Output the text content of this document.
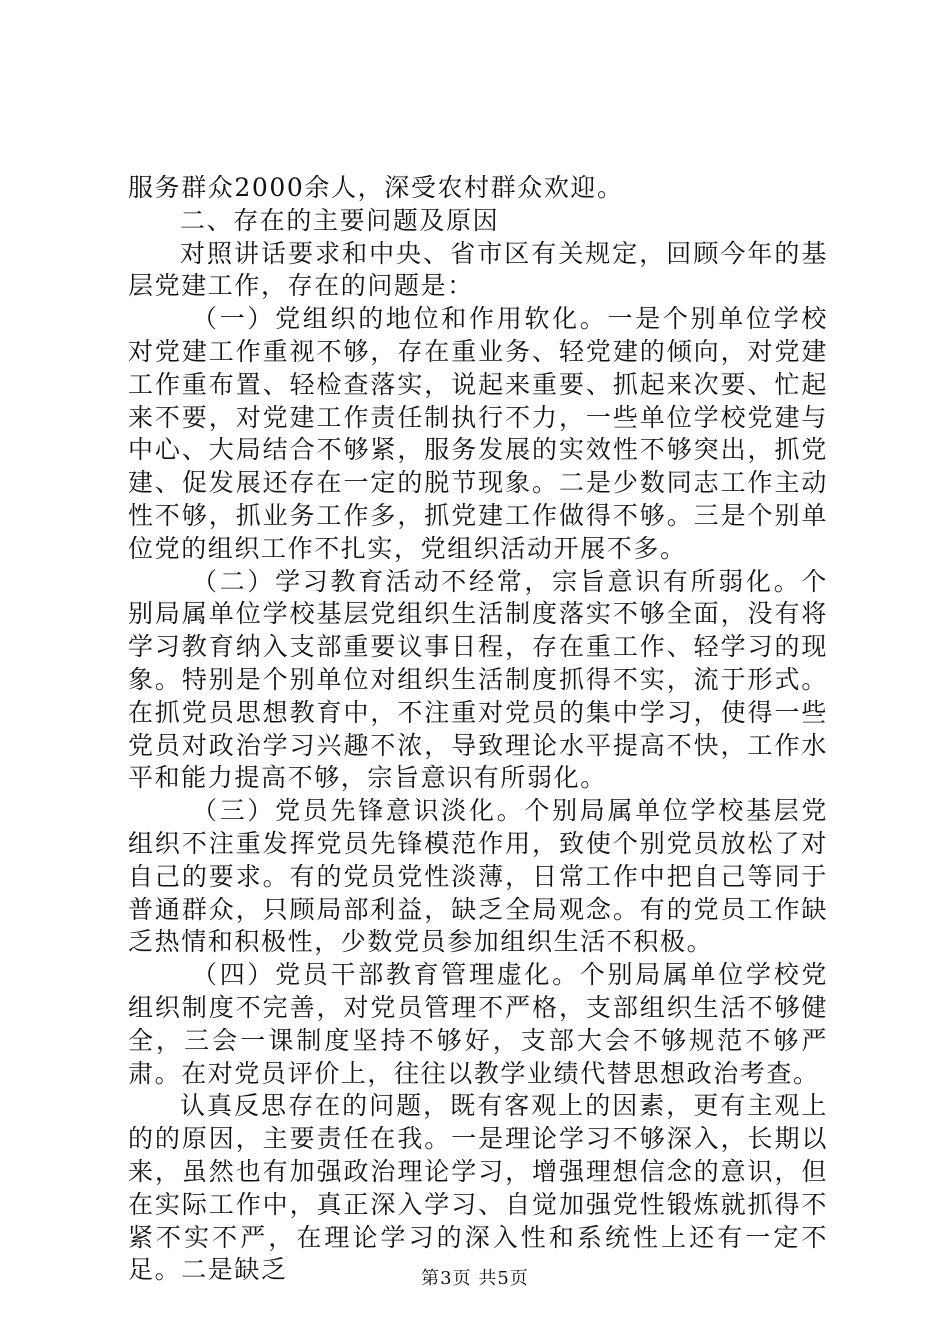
服务群众2000余人，深受农村群众欢迎。

二、存在的主要问题及原因

对照讲话要求和中央、省市区有关规定，回顾今年的基层党建工作，存在的问题是：

（一）党组织的地位和作用软化。一是个别单位学校对党建工作重视不够，存在重业务、轻党建的倾向，对党建工作重布置、轻检查落实，说起来重要、抓起来次要、忙起来不要，对党建工作责任制执行不力，一些单位学校党建与中心、大局结合不够紧，服务发展的实效性不够突出，抓党建、促发展还存在一定的脱节现象。二是少数同志工作主动性不够，抓业务工作多，抓党建工作做得不够。三是个别单位党的组织工作不扎实，党组织活动开展不多。

（二）学习教育活动不经常，宗旨意识有所弱化。个别局属单位学校基层党组织生活制度落实不够全面，没有将学习教育纳入支部重要议事日程，存在重工作、轻学习的现象。特别是个别单位对组织生活制度抓得不实，流于形式。在抓党员思想教育中，不注重对党员的集中学习，使得一些党员对政治学习兴趣不浓，导致理论水平提高不快，工作水平和能力提高不够，宗旨意识有所弱化。

（三）党员先锋意识淡化。个别局属单位学校基层党组织不注重发挥党员先锋模范作用，致使个别党员放松了对自己的要求。有的党员党性淡薄，日常工作中把自己等同于普通群众，只顾局部利益，缺乏全局观念。有的党员工作缺乏热情和积极性，少数党员参加组织生活不积极。

（四）党员干部教育管理虚化。个别局属单位学校党组织制度不完善，对党员管理不严格，支部组织生活不够健全，三会一课制度坚持不够好，支部大会不够规范不够严肃。在对党员评价上，往往以教学业绩代替思想政治考查。

认真反思存在的问题，既有客观上的因素，更有主观上的的原因，主要责任在我。一是理论学习不够深入，长期以来，虽然也有加强政治理论学习，增强理想信念的意识，但在实际工作中，真正深入学习、自觉加强党性锻炼就抓得不紧不实不严，在理论学习的深入性和系统性上还有一定不足。二是缺乏	第3页 共5页
